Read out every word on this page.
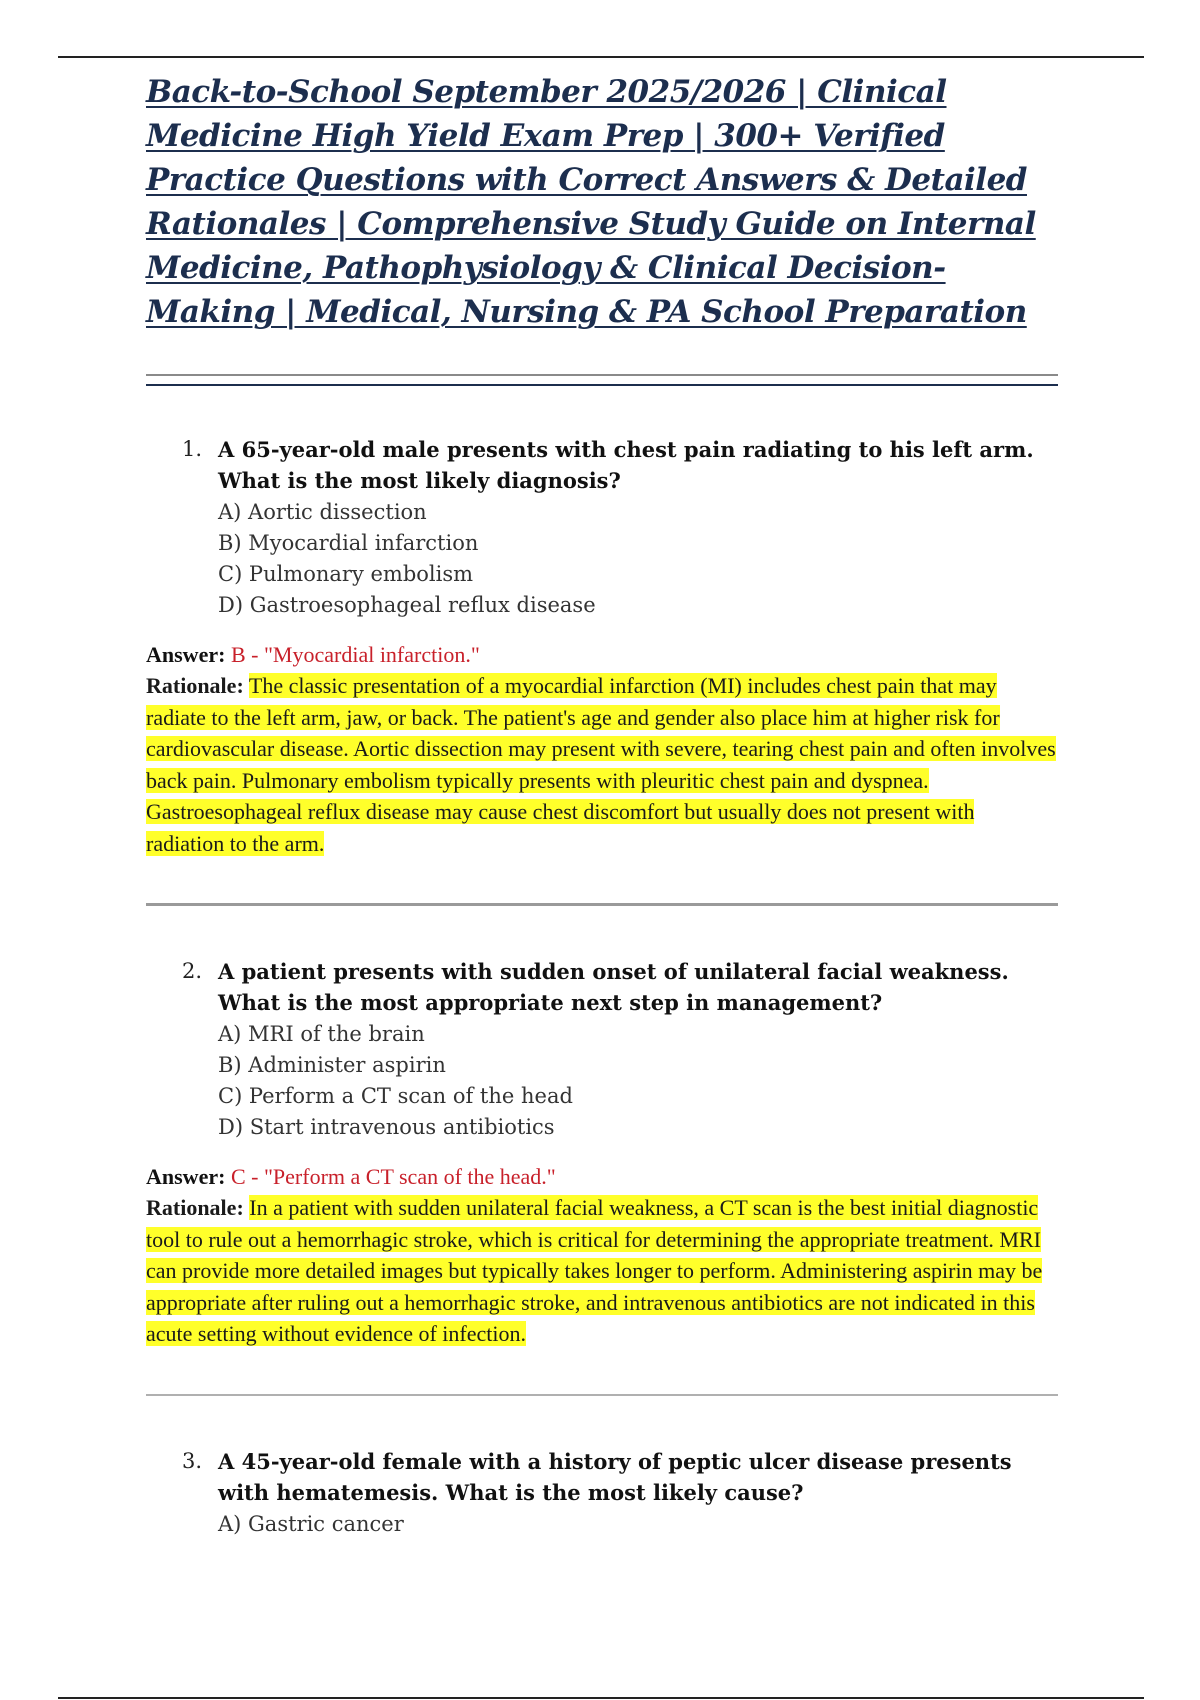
Back-to-School September 2025/2026 | Clinical Medicine High Yield Exam Prep | 300+ Verified Practice Questions with Correct Answers & Detailed Rationales | Comprehensive Study Guide on Internal Medicine, Pathophysiology & Clinical Decision-Making | Medical, Nursing & PA School Preparation
1. A 65-year-old male presents with chest pain radiating to his left arm. What is the most likely diagnosis?
A) Aortic dissection
B) Myocardial infarction
C) Pulmonary embolism
D) Gastroesophageal reflux disease
Answer: B - "Myocardial infarction."
Rationale: The classic presentation of a myocardial infarction (MI) includes chest pain that may radiate to the left arm, jaw, or back. The patient's age and gender also place him at higher risk for cardiovascular disease. Aortic dissection may present with severe, tearing chest pain and often involves back pain. Pulmonary embolism typically presents with pleuritic chest pain and dyspnea. Gastroesophageal reflux disease may cause chest discomfort but usually does not present with radiation to the arm.
2. A patient presents with sudden onset of unilateral facial weakness. What is the most appropriate next step in management?
A) MRI of the brain
B) Administer aspirin
C) Perform a CT scan of the head
D) Start intravenous antibiotics
Answer: C - "Perform a CT scan of the head."
Rationale: In a patient with sudden unilateral facial weakness, a CT scan is the best initial diagnostic tool to rule out a hemorrhagic stroke, which is critical for determining the appropriate treatment. MRI can provide more detailed images but typically takes longer to perform. Administering aspirin may be appropriate after ruling out a hemorrhagic stroke, and intravenous antibiotics are not indicated in this acute setting without evidence of infection.
3. A 45-year-old female with a history of peptic ulcer disease presents with hematemesis. What is the most likely cause?
A) Gastric cancer
